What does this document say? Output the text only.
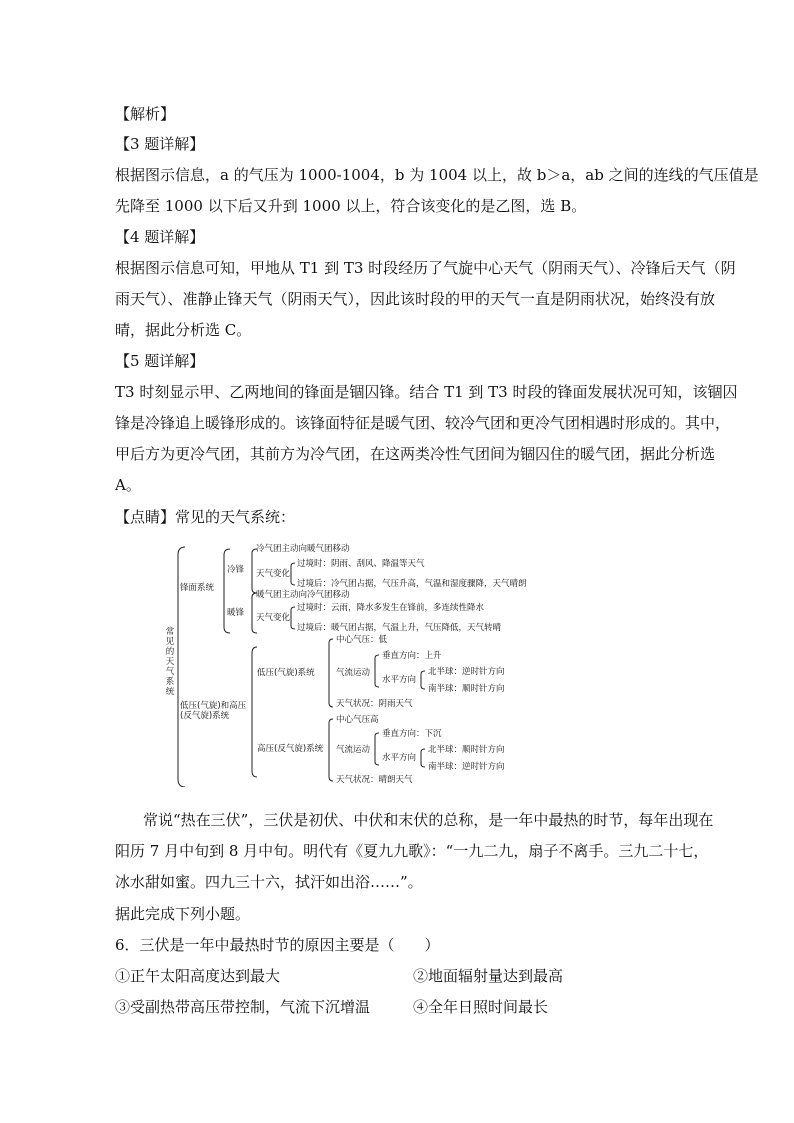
【解析】
【3 题详解】
根据图示信息，a 的气压为 1000-1004，b 为 1004 以上，故 b＞a，ab 之间的连线的气压值是
先降至 1000 以下后又升到 1000 以上，符合该变化的是乙图，选 B。
【4 题详解】
根据图示信息可知，甲地从 T1 到 T3 时段经历了气旋中心天气（阴雨天气）、冷锋后天气（阴
雨天气）、准静止锋天气（阴雨天气），因此该时段的甲的天气一直是阴雨状况，始终没有放
晴，据此分析选 C。
【5 题详解】
T3 时刻显示甲、乙两地间的锋面是锢囚锋。结合 T1 到 T3 时段的锋面发展状况可知，该锢囚
锋是冷锋追上暖锋形成的。该锋面特征是暖气团、较冷气团和更冷气团相遇时形成的。其中，
甲后方为更冷气团，其前方为冷气团，在这两类冷性气团间为锢囚住的暖气团，据此分析选
A。
【点睛】常见的天气系统：
常见的天气系统
锋面系统
冷锋
暖锋
冷气团主动向暖气团移动
天气变化
过境时：阴雨、刮风、降温等天气
过境后：冷气团占据，气压升高，气温和湿度骤降，天气晴朗
暖气团主动向冷气团移动
天气变化
过境时：云雨，降水多发生在锋前，多连续性降水
过境后：暖气团占据，气温上升，气压降低，天气转晴
低压(气旋)和高压(反气旋)系统
低压(气旋)系统
中心气压：低
气流运动
垂直方向：上升
水平方向
北半球：逆时针方向
南半球：顺时针方向
天气状况：阴雨天气
高压(反气旋)系统
中心气压高
气流运动
垂直方向：下沉
水平方向
北半球：顺时针方向
南半球：逆时针方向
天气状况：晴朗天气
常说“热在三伏”，三伏是初伏、中伏和末伏的总称，是一年中最热的时节，每年出现在
阳历 7 月中旬到 8 月中旬。明代有《夏九九歌》：“一九二九，扇子不离手。三九二十七，
冰水甜如蜜。四九三十六，拭汗如出浴……”。
据此完成下列小题。
6．三伏是一年中最热时节的原因主要是（　　）
①正午太阳高度达到最大	②地面辐射量达到最高
③受副热带高压带控制，气流下沉增温	④全年日照时间最长
